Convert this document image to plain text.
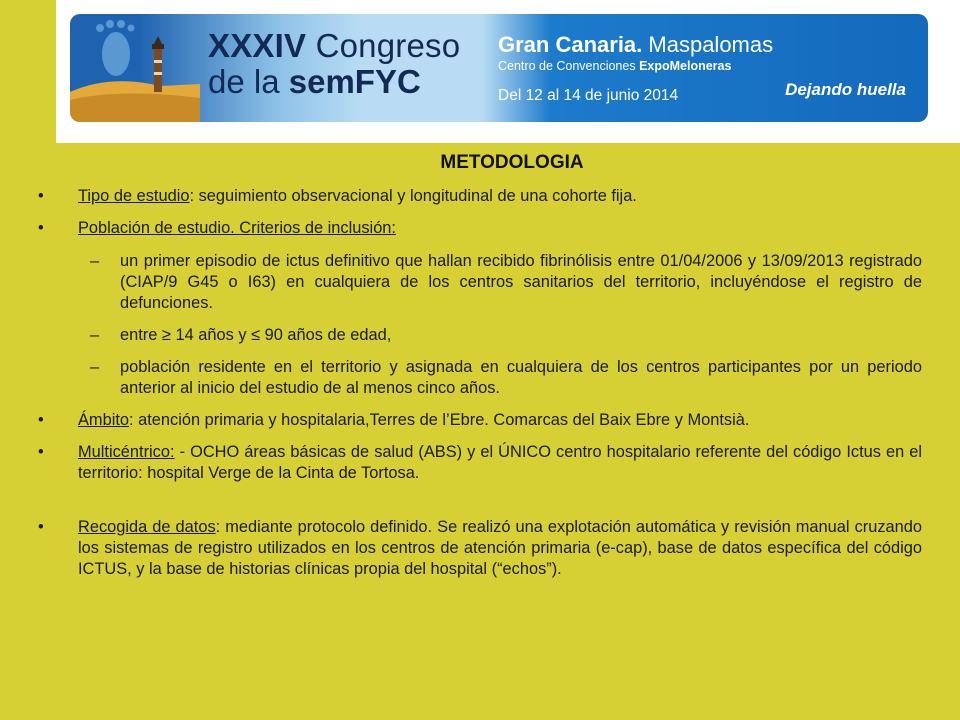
XXXIV Congreso
de la semFYC
Gran Canaria. Maspalomas
Centro de Convenciones ExpoMeloneras
Del 12 al 14 de junio 2014	Dejando huella
METODOLOGIA
• Tipo de estudio: seguimiento observacional y longitudinal de una cohorte fija.
• Población de estudio. Criterios de inclusión:
– un primer episodio de ictus definitivo que hallan recibido fibrinólisis entre 01/04/2006 y 13/09/2013 registrado (CIAP/9 G45 o I63) en cualquiera de los centros sanitarios del territorio, incluyéndose el registro de defunciones.
– entre ≥ 14 años y ≤ 90 años de edad,
– población residente en el territorio y asignada en cualquiera de los centros participantes por un periodo anterior al inicio del estudio de al menos cinco años.
• Ámbito: atención primaria y hospitalaria,Terres de l’Ebre. Comarcas del Baix Ebre y Montsià.
• Multicéntrico: - OCHO áreas básicas de salud (ABS) y el ÚNICO centro hospitalario referente del código Ictus en el territorio: hospital Verge de la Cinta de Tortosa.
• Recogida de datos: mediante protocolo definido. Se realizó una explotación automática y revisión manual cruzando los sistemas de registro utilizados en los centros de atención primaria (e-cap), base de datos específica del código ICTUS, y la base de historias clínicas propia del hospital (“echos”).
